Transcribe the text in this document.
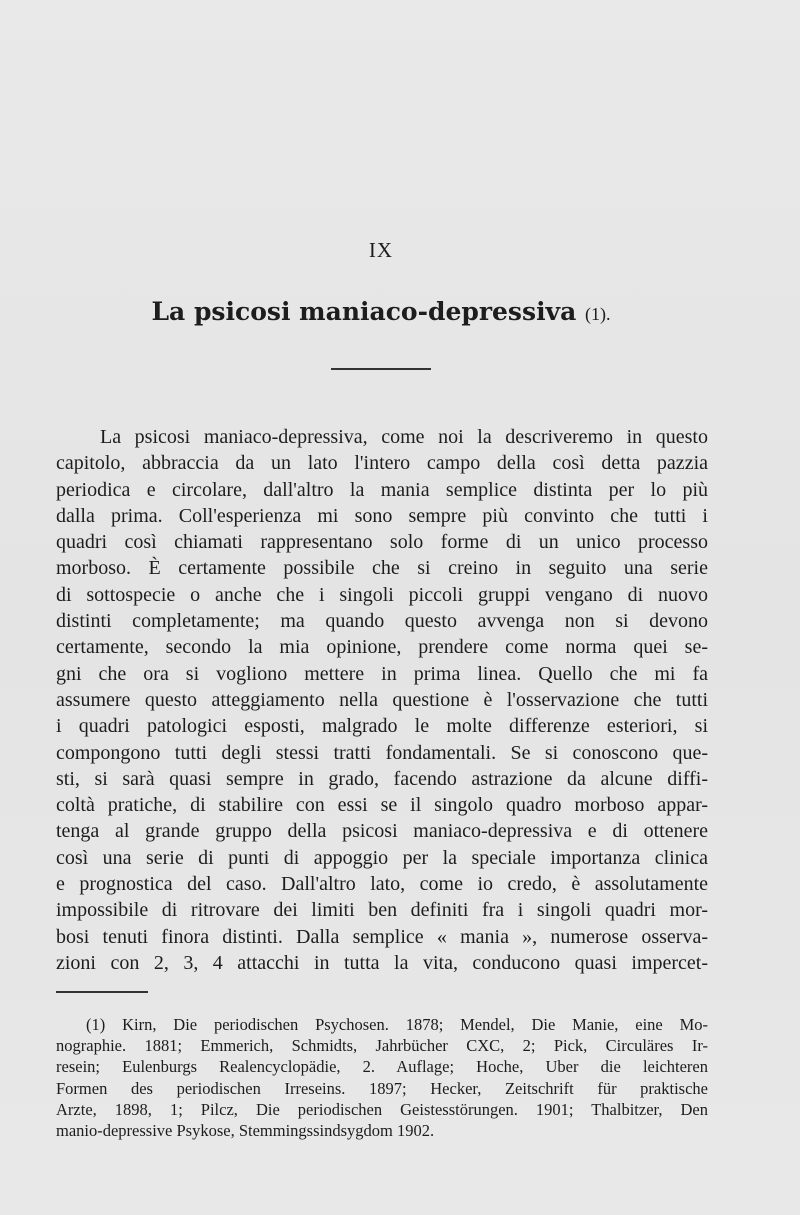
IX
La psicosi maniaco-depressiva (1).
La psicosi maniaco-depressiva, come noi la descriveremo in questo
capitolo, abbraccia da un lato l'intero campo della così detta pazzia
periodica e circolare, dall'altro la mania semplice distinta per lo più
dalla prima. Coll'esperienza mi sono sempre più convinto che tutti i
quadri così chiamati rappresentano solo forme di un unico processo
morboso. È certamente possibile che si creino in seguito una serie
di sottospecie o anche che i singoli piccoli gruppi vengano di nuovo
distinti completamente; ma quando questo avvenga non si devono
certamente, secondo la mia opinione, prendere come norma quei se-
gni che ora si vogliono mettere in prima linea. Quello che mi fa
assumere questo atteggiamento nella questione è l'osservazione che tutti
i quadri patologici esposti, malgrado le molte differenze esteriori, si
compongono tutti degli stessi tratti fondamentali. Se si conoscono que-
sti, si sarà quasi sempre in grado, facendo astrazione da alcune diffi-
coltà pratiche, di stabilire con essi se il singolo quadro morboso appar-
tenga al grande gruppo della psicosi maniaco-depressiva e di ottenere
così una serie di punti di appoggio per la speciale importanza clinica
e prognostica del caso. Dall'altro lato, come io credo, è assolutamente
impossibile di ritrovare dei limiti ben definiti fra i singoli quadri mor-
bosi tenuti finora distinti. Dalla semplice « mania », numerose osserva-
zioni con 2, 3, 4 attacchi in tutta la vita, conducono quasi impercet-
(1) Kirn, Die periodischen Psychosen. 1878; Mendel, Die Manie, eine Mo-
nographie. 1881; Emmerich, Schmidts, Jahrbücher CXC, 2; Pick, Circuläres Ir-
resein; Eulenburgs Realencyclopädie, 2. Auflage; Hoche, Uber die leichteren
Formen des periodischen Irreseins. 1897; Hecker, Zeitschrift für praktische
Arzte, 1898, 1; Pilcz, Die periodischen Geistesstörungen. 1901; Thalbitzer, Den
manio-depressive Psykose, Stemmingssindsygdom 1902.
